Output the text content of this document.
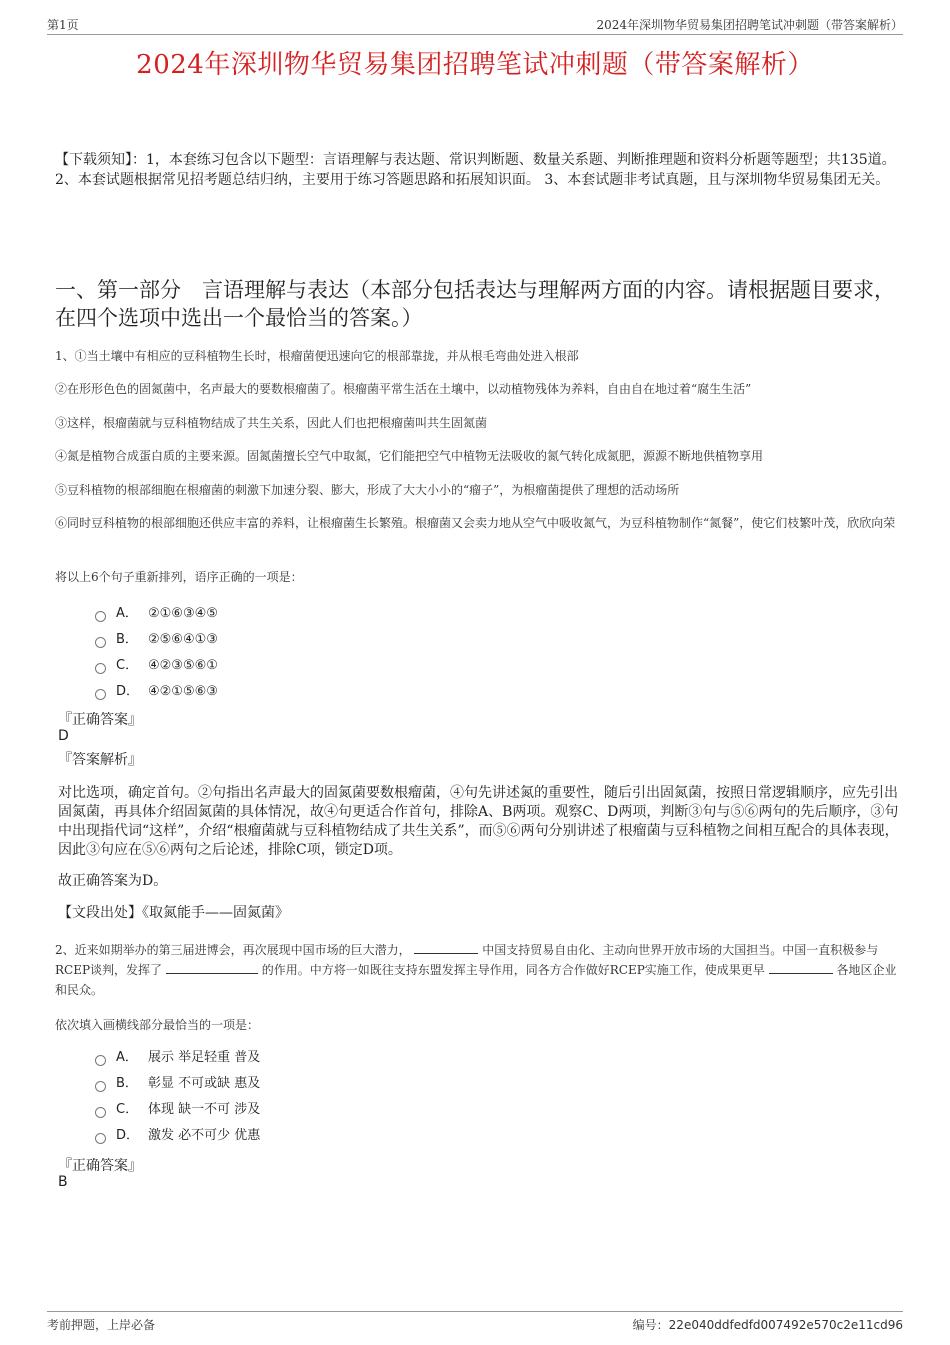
第1页	2024年深圳物华贸易集团招聘笔试冲刺题（带答案解析）
2024年深圳物华贸易集团招聘笔试冲刺题（带答案解析）
【下载须知】：1，本套练习包含以下题型：言语理解与表达题、常识判断题、数量关系题、判断推理题和资料分析题等题型；共135道。 2、本套试题根据常见招考题总结归纳，主要用于练习答题思路和拓展知识面。 3、本套试题非考试真题，且与深圳物华贸易集团无关。
一、第一部分　言语理解与表达（本部分包括表达与理解两方面的内容。请根据题目要求，在四个选项中选出一个最恰当的答案。）
1、①当土壤中有相应的豆科植物生长时，根瘤菌便迅速向它的根部靠拢，并从根毛弯曲处进入根部
②在形形色色的固氮菌中，名声最大的要数根瘤菌了。根瘤菌平常生活在土壤中，以动植物残体为养料，自由自在地过着“腐生生活”
③这样，根瘤菌就与豆科植物结成了共生关系，因此人们也把根瘤菌叫共生固氮菌
④氮是植物合成蛋白质的主要来源。固氮菌擅长空气中取氮，它们能把空气中植物无法吸收的氮气转化成氮肥，源源不断地供植物享用
⑤豆科植物的根部细胞在根瘤菌的刺激下加速分裂、膨大，形成了大大小小的“瘤子”，为根瘤菌提供了理想的活动场所
⑥同时豆科植物的根部细胞还供应丰富的养料，让根瘤菌生长繁殖。根瘤菌又会卖力地从空气中吸收氮气，为豆科植物制作“氮餐”，使它们枝繁叶茂，欣欣向荣
将以上6个句子重新排列，语序正确的一项是：
A． ②①⑥③④⑤
B． ②⑤⑥④①③
C． ④②③⑤⑥①
D． ④②①⑤⑥③
『正确答案』
D
『答案解析』
对比选项，确定首句。②句指出名声最大的固氮菌要数根瘤菌，④句先讲述氮的重要性，随后引出固氮菌，按照日常逻辑顺序，应先引出固氮菌，再具体介绍固氮菌的具体情况，故④句更适合作首句，排除A、B两项。观察C、D两项，判断③句与⑤⑥两句的先后顺序，③句中出现指代词“这样”，介绍“根瘤菌就与豆科植物结成了共生关系”，而⑤⑥两句分别讲述了根瘤菌与豆科植物之间相互配合的具体表现，因此③句应在⑤⑥两句之后论述，排除C项，锁定D项。
故正确答案为D。
【文段出处】《取氮能手——固氮菌》
2、近来如期举办的第三届进博会，再次展现中国市场的巨大潜力，	中国支持贸易自由化、主动向世界开放市场的大国担当。中国一直积极参与RCEP谈判，发挥了	的作用。中方将一如既往支持东盟发挥主导作用，同各方合作做好RCEP实施工作，使成果更早	各地区企业和民众。
依次填入画横线部分最恰当的一项是：
A． 展示 举足轻重 普及
B． 彰显 不可或缺 惠及
C． 体现 缺一不可 涉及
D． 激发 必不可少 优惠
『正确答案』
B
考前押题，上岸必备	编号：22e040ddfedfd007492e570c2e11cd96
